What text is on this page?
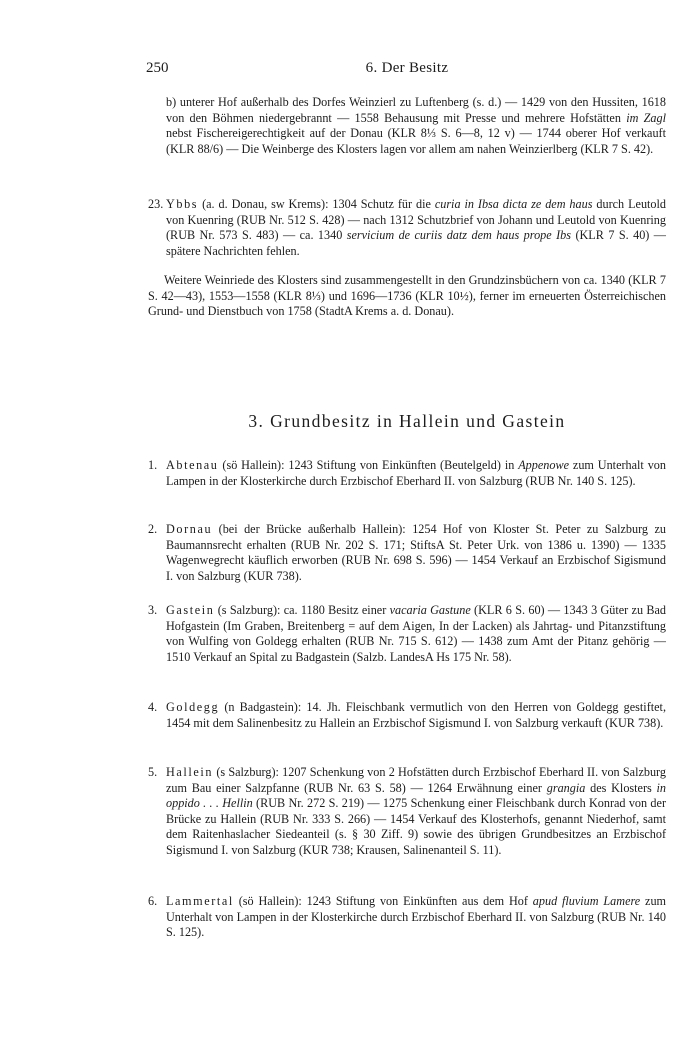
250	6. Der Besitz
b) unterer Hof außerhalb des Dorfes Weinzierl zu Luftenberg (s. d.) — 1429 von den Hussiten, 1618 von den Böhmen niedergebrannt — 1558 Behausung mit Presse und mehrere Hofstätten im Zagl nebst Fischereigerechtigkeit auf der Donau (KLR 8⅓ S. 6—8, 12 v) — 1744 oberer Hof verkauft (KLR 88/6) — Die Weinberge des Klosters lagen vor allem am nahen Weinzierlberg (KLR 7 S. 42).
23. Ybbs (a. d. Donau, sw Krems): 1304 Schutz für die curia in Ibsa dicta ze dem haus durch Leutold von Kuenring (RUB Nr. 512 S. 428) — nach 1312 Schutzbrief von Johann und Leutold von Kuenring (RUB Nr. 573 S. 483) — ca. 1340 servicium de curiis datz dem haus prope Ibs (KLR 7 S. 40) — spätere Nachrichten fehlen.
Weitere Weinriede des Klosters sind zusammengestellt in den Grundzinsbüchern von ca. 1340 (KLR 7 S. 42—43), 1553—1558 (KLR 8⅓) und 1696—1736 (KLR 10½), ferner im erneuerten Österreichischen Grund- und Dienstbuch von 1758 (StadtA Krems a. d. Donau).
3. Grundbesitz in Hallein und Gastein
1. Abtenau (sö Hallein): 1243 Stiftung von Einkünften (Beutelgeld) in Appenowe zum Unterhalt von Lampen in der Klosterkirche durch Erzbischof Eberhard II. von Salzburg (RUB Nr. 140 S. 125).
2. Dornau (bei der Brücke außerhalb Hallein): 1254 Hof von Kloster St. Peter zu Salzburg zu Baumannsrecht erhalten (RUB Nr. 202 S. 171; StiftsA St. Peter Urk. von 1386 u. 1390) — 1335 Wagenwegrecht käuflich erworben (RUB Nr. 698 S. 596) — 1454 Verkauf an Erzbischof Sigismund I. von Salzburg (KUR 738).
3. Gastein (s Salzburg): ca. 1180 Besitz einer vacaria Gastune (KLR 6 S. 60) — 1343 3 Güter zu Bad Hofgastein (Im Graben, Breitenberg = auf dem Aigen, In der Lacken) als Jahrtag- und Pitanzstiftung von Wulfing von Goldegg erhalten (RUB Nr. 715 S. 612) — 1438 zum Amt der Pitanz gehörig — 1510 Verkauf an Spital zu Badgastein (Salzb. LandesA Hs 175 Nr. 58).
4. Goldegg (n Badgastein): 14. Jh. Fleischbank vermutlich von den Herren von Goldegg gestiftet, 1454 mit dem Salinenbesitz zu Hallein an Erzbischof Sigismund I. von Salzburg verkauft (KUR 738).
5. Hallein (s Salzburg): 1207 Schenkung von 2 Hofstätten durch Erzbischof Eberhard II. von Salzburg zum Bau einer Salzpfanne (RUB Nr. 63 S. 58) — 1264 Erwähnung einer grangia des Klosters in oppido . . . Hellin (RUB Nr. 272 S. 219) — 1275 Schenkung einer Fleischbank durch Konrad von der Brücke zu Hallein (RUB Nr. 333 S. 266) — 1454 Verkauf des Klosterhofs, genannt Niederhof, samt dem Raitenhaslacher Siedeanteil (s. § 30 Ziff. 9) sowie des übrigen Grundbesitzes an Erzbischof Sigismund I. von Salzburg (KUR 738; Krausen, Salinenanteil S. 11).
6. Lammertal (sö Hallein): 1243 Stiftung von Einkünften aus dem Hof apud fluvium Lamere zum Unterhalt von Lampen in der Klosterkirche durch Erzbischof Eberhard II. von Salzburg (RUB Nr. 140 S. 125).
